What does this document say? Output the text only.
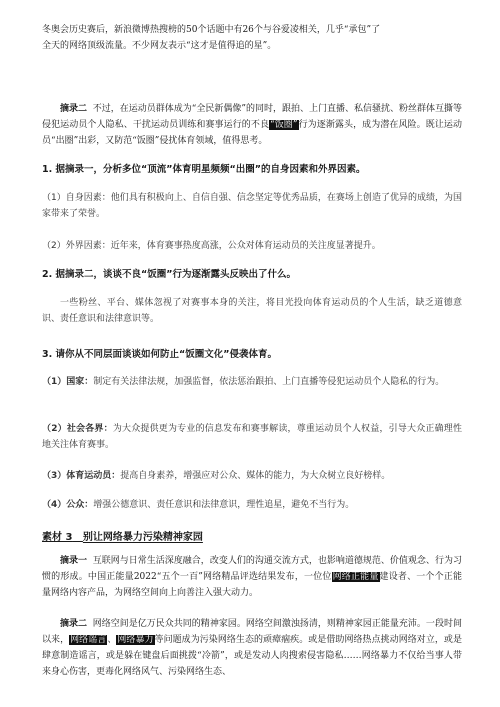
冬奥会历史赛后，新浪微博热搜榜的50个话题中有26个与谷爱凌相关，几乎“承包”了

全天的网络顶级流量。不少网友表示“这才是值得追的星”。

摘录二 不过，在运动员群体成为“全民新偶像”的同时，跟拍、上门直播、私信骚扰、粉丝群体互撕等侵犯运动员个人隐私、干扰运动员训练和赛事运行的不良“饭圈”行为逐渐露头，成为潜在风险。既让运动员“出圈”出彩，又防范“饭圈”侵扰体育领域，值得思考。

1. 据摘录一，分析多位“顶流”体育明星频频“出圈”的自身因素和外界因素。

（1）自身因素：他们具有积极向上、自信自强、信念坚定等优秀品质，在赛场上创造了优异的成绩，为国家带来了荣誉。

（2）外界因素：近年来，体育赛事热度高涨，公众对体育运动员的关注度显著提升。

2. 据摘录二，谈谈不良“饭圈”行为逐渐露头反映出了什么。
一些粉丝、平台、媒体忽视了对赛事本身的关注，将目光投向体育运动员的个人生活，缺乏道德意识、责任意识和法律意识等。
3. 请你从不同层面谈谈如何防止“饭圈文化”侵袭体育。

（1）国家：制定有关法律法规，加强监督，依法惩治跟拍、上门直播等侵犯运动员个人隐私的行为。

（2）社会各界：为大众提供更为专业的信息发布和赛事解读，尊重运动员个人权益，引导大众正确理性地关注体育赛事。

（3）体育运动员：提高自身素养，增强应对公众、媒体的能力，为大众树立良好榜样。

（4）公众：增强公德意识、责任意识和法律意识，理性追星，避免不当行为。

素材 3 别让网络暴力污染精神家园

摘录一 互联网与日常生活深度融合，改变人们的沟通交流方式，也影响道德规范、价值观念、行为习惯的形成。中国正能量2022“五个一百”网络精品评选结果发布，一位位网络正能量建设者、一个个正能量网络内容产品，为网络空间向上向善注入强大动力。

摘录二 网络空间是亿万民众共同的精神家园。网络空间激浊扬清，则精神家园正能量充沛。一段时间以来，网络谣言、网络暴力等问题成为污染网络生态的顽瘴痼疾。或是借助网络热点挑动网络对立，或是肆意制造谣言，或是躲在键盘后面挑拨“冷箭”，或是发动人肉搜索侵害隐私……网络暴力不仅给当事人带来身心伤害，更毒化网络风气、污染网络生态、
